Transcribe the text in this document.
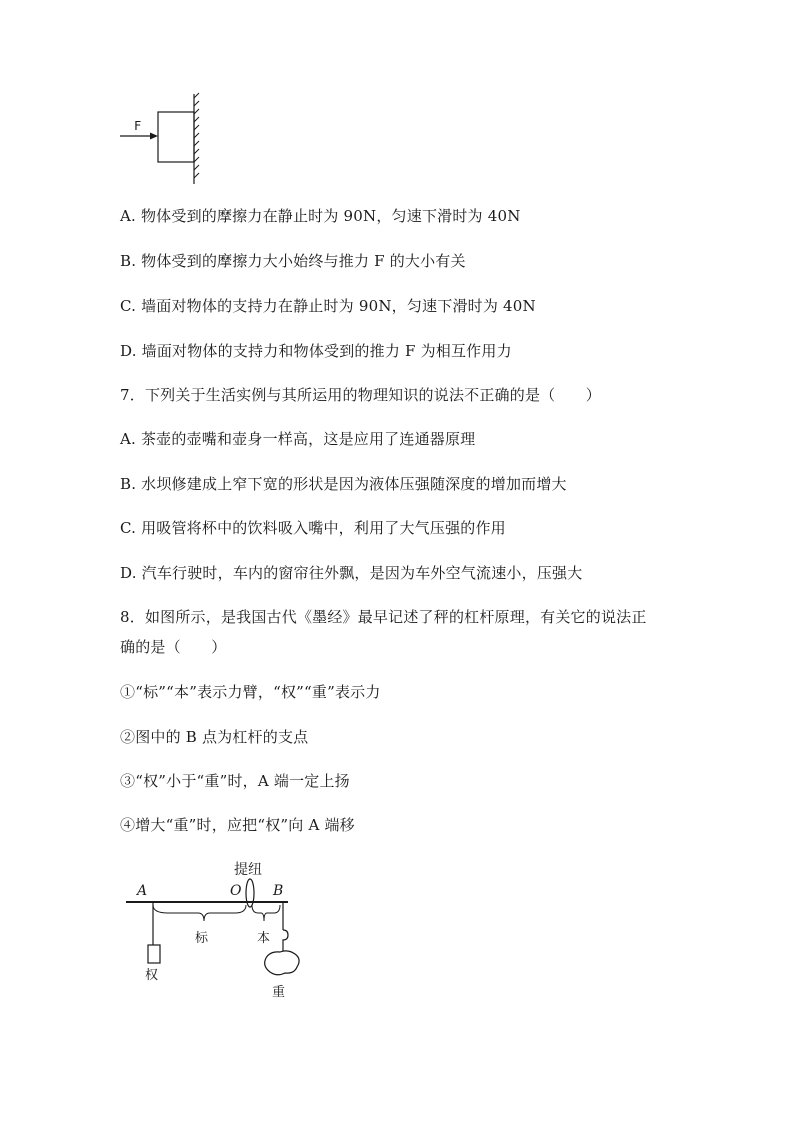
F
A. 物体受到的摩擦力在静止时为 90N，匀速下滑时为 40N
B. 物体受到的摩擦力大小始终与推力 F 的大小有关
C. 墙面对物体的支持力在静止时为 90N，匀速下滑时为 40N
D. 墙面对物体的支持力和物体受到的推力 F 为相互作用力
7．下列关于生活实例与其所运用的物理知识的说法不正确的是（　　）
A. 茶壶的壶嘴和壶身一样高，这是应用了连通器原理
B. 水坝修建成上窄下宽的形状是因为液体压强随深度的增加而增大
C. 用吸管将杯中的饮料吸入嘴中，利用了大气压强的作用
D. 汽车行驶时，车内的窗帘往外飘，是因为车外空气流速小，压强大
8．如图所示，是我国古代《墨经》最早记述了秤的杠杆原理，有关它的说法正
确的是（　　）
①“标”“本”表示力臂，“权”“重”表示力
②图中的 B 点为杠杆的支点
③“权”小于“重”时，A 端一定上扬
④增大“重”时，应把“权”向 A 端移
提纽
A	O B
权
标	本
重
